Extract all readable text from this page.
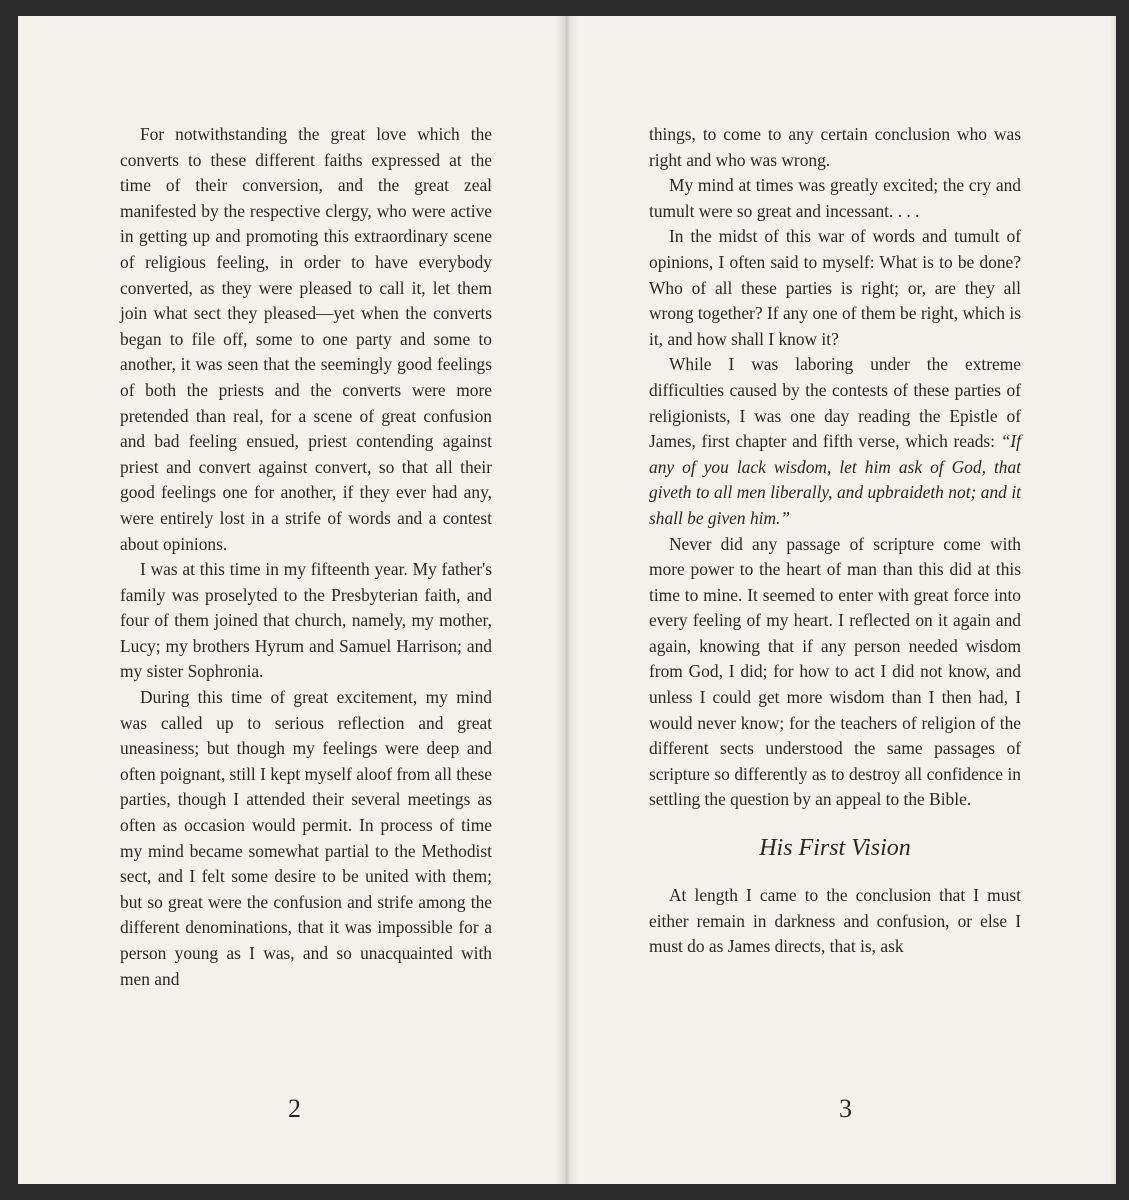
For notwithstanding the great love which the converts to these different faiths expressed at the time of their conversion, and the great zeal manifested by the respective clergy, who were active in getting up and promoting this extraordinary scene of religious feeling, in order to have everybody converted, as they were pleased to call it, let them join what sect they pleased—yet when the converts began to file off, some to one party and some to another, it was seen that the seemingly good feelings of both the priests and the converts were more pretended than real, for a scene of great confusion and bad feeling ensued, priest contending against priest and convert against convert, so that all their good feelings one for another, if they ever had any, were entirely lost in a strife of words and a contest about opinions.

I was at this time in my fifteenth year. My father's family was proselyted to the Presbyterian faith, and four of them joined that church, namely, my mother, Lucy; my brothers Hyrum and Samuel Harrison; and my sister Sophronia.

During this time of great excitement, my mind was called up to serious reflection and great uneasiness; but though my feelings were deep and often poignant, still I kept myself aloof from all these parties, though I attended their several meetings as often as occasion would permit. In process of time my mind became somewhat partial to the Methodist sect, and I felt some desire to be united with them; but so great were the confusion and strife among the different denominations, that it was impossible for a person young as I was, and so unacquainted with men and

2

things, to come to any certain conclusion who was right and who was wrong.

My mind at times was greatly excited; the cry and tumult were so great and incessant. . . .

In the midst of this war of words and tumult of opinions, I often said to myself: What is to be done? Who of all these parties is right; or, are they all wrong together? If any one of them be right, which is it, and how shall I know it?

While I was laboring under the extreme difficulties caused by the contests of these parties of religionists, I was one day reading the Epistle of James, first chapter and fifth verse, which reads: “If any of you lack wisdom, let him ask of God, that giveth to all men liberally, and upbraideth not; and it shall be given him.”

Never did any passage of scripture come with more power to the heart of man than this did at this time to mine. It seemed to enter with great force into every feeling of my heart. I reflected on it again and again, knowing that if any person needed wisdom from God, I did; for how to act I did not know, and unless I could get more wisdom than I then had, I would never know; for the teachers of religion of the different sects understood the same passages of scripture so differently as to destroy all confidence in settling the question by an appeal to the Bible.

His First Vision

At length I came to the conclusion that I must either remain in darkness and confusion, or else I must do as James directs, that is, ask

3
